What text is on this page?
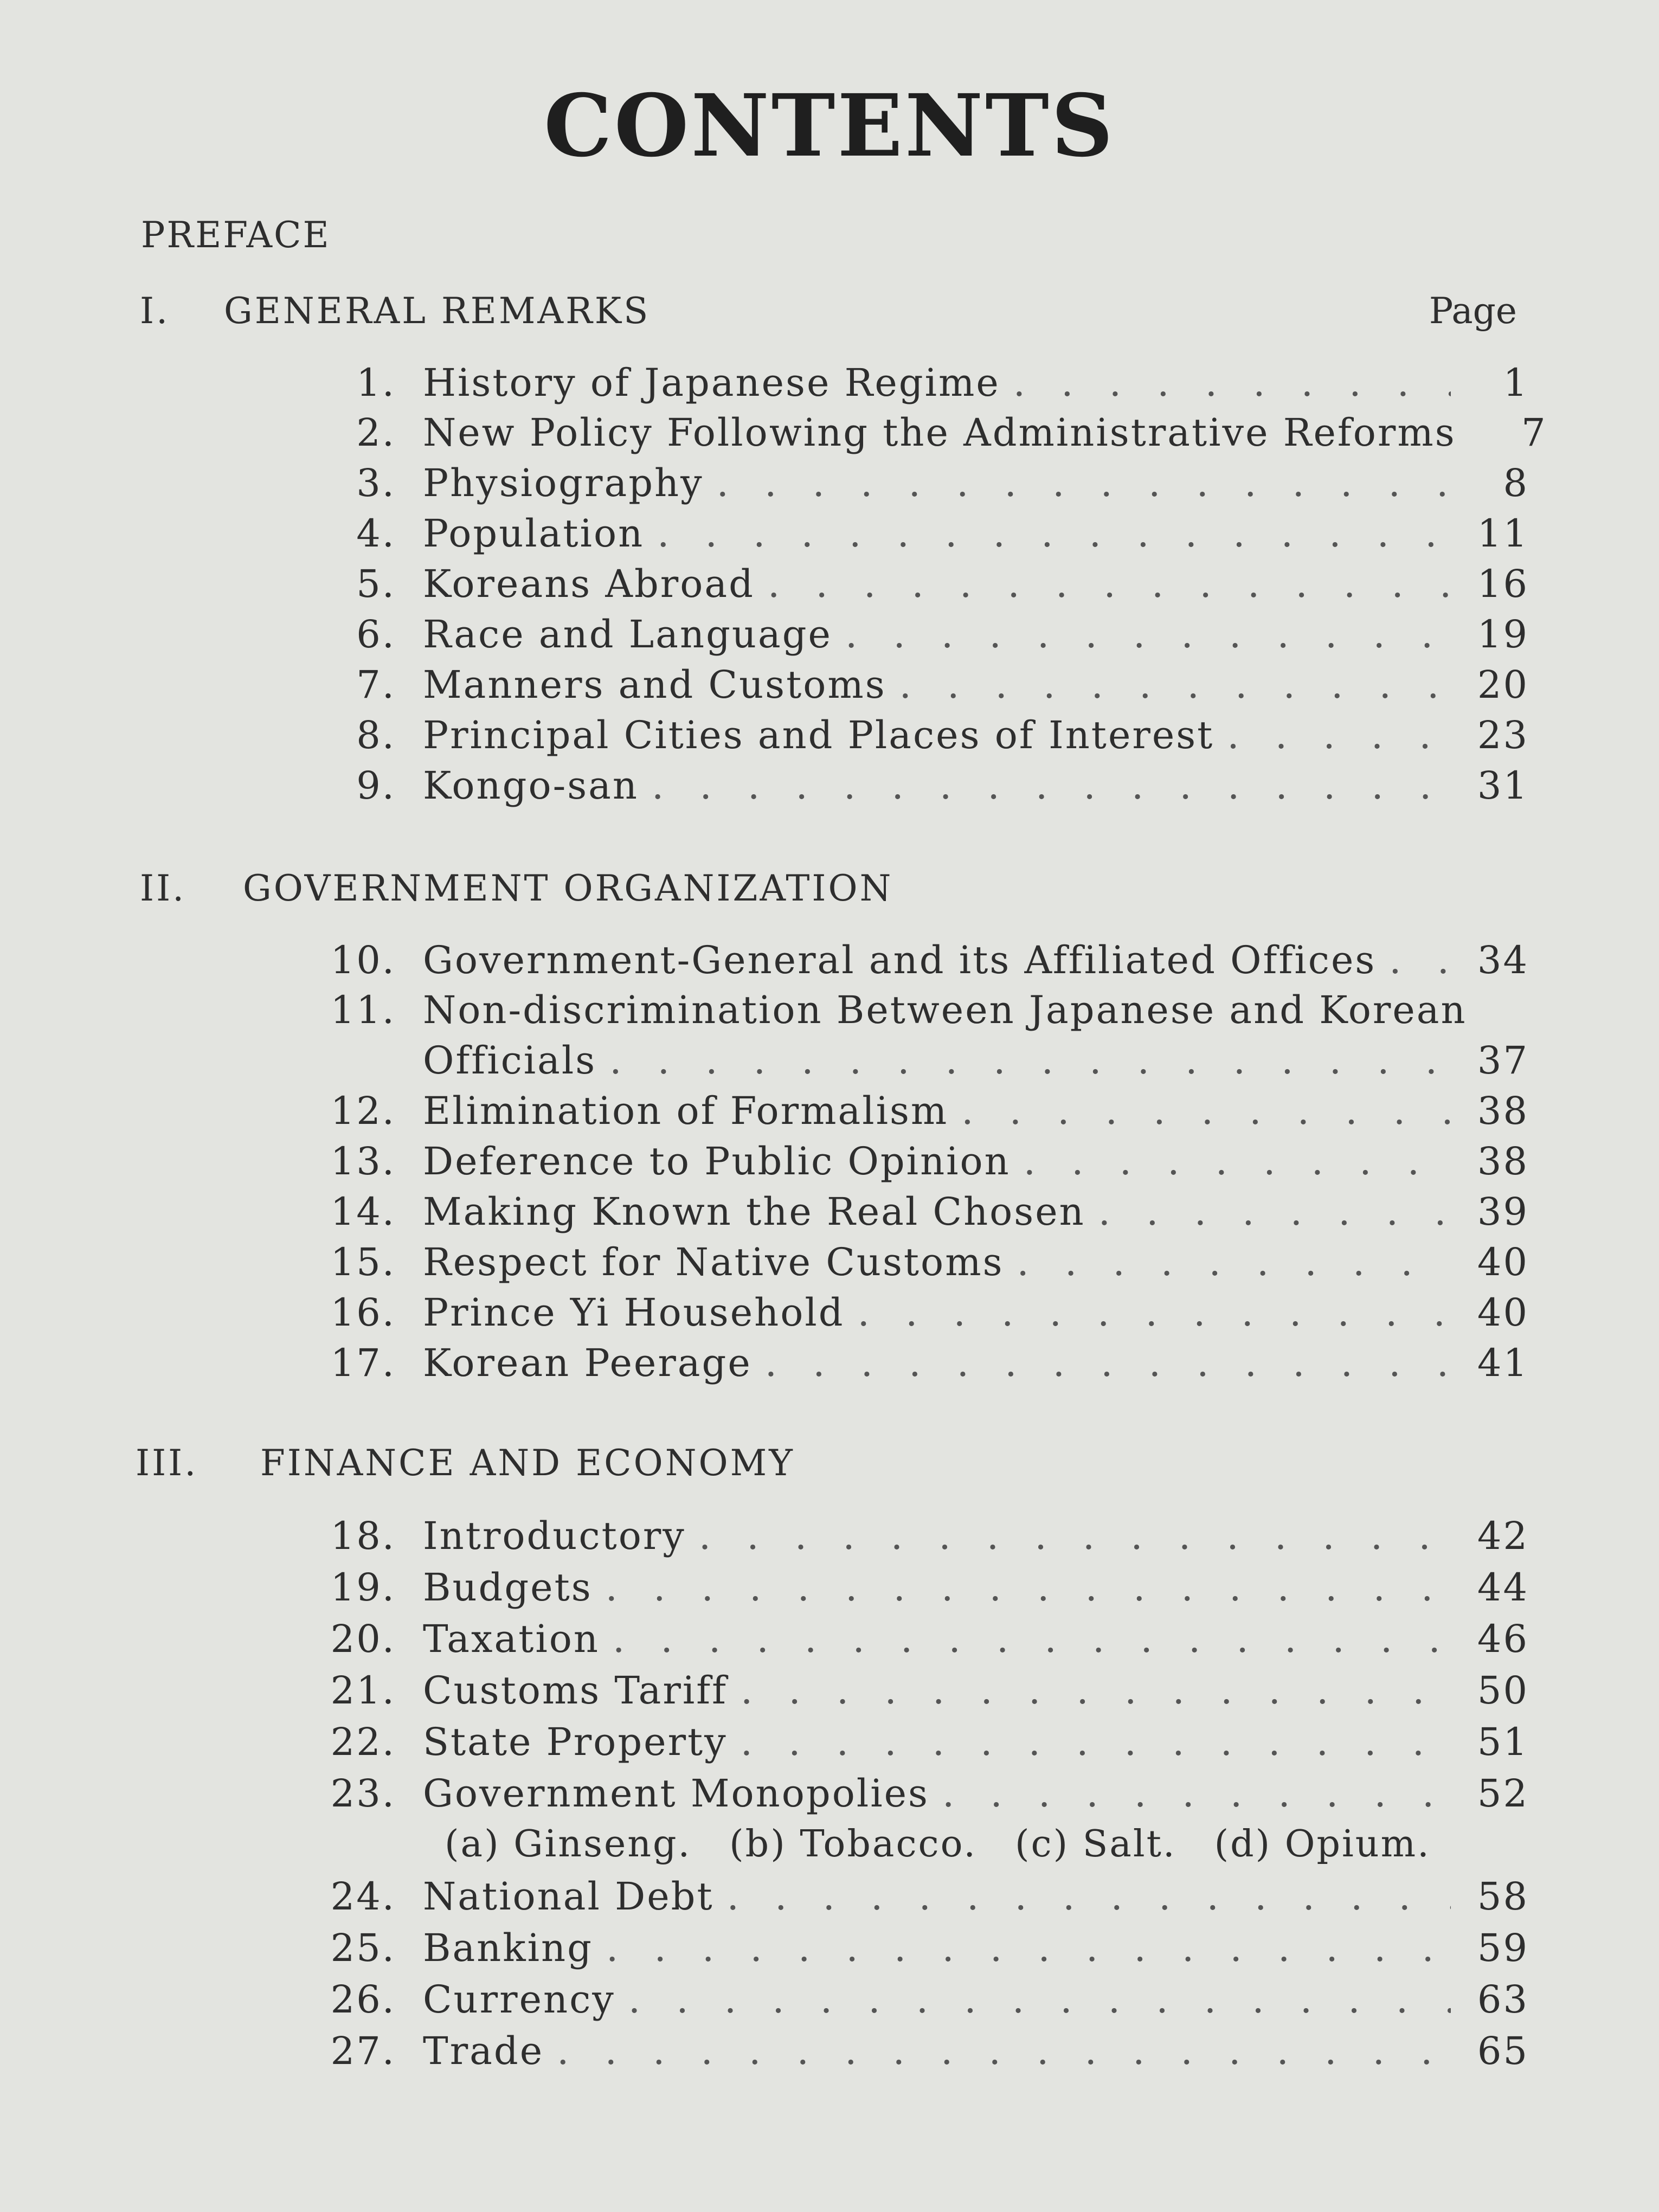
CONTENTS
PREFACE
I. GENERAL REMARKS	Page
1. History of Japanese Regime . . .	1
2. New Policy Following the Administrative Reforms	7
3. Physiography . . .	8
4. Population . . .	11
5. Koreans Abroad . . .	16
6. Race and Language . . .	19
7. Manners and Customs . . .	20
8. Principal Cities and Places of Interest . . .	23
9. Kongo-san . . .	31
II. GOVERNMENT ORGANIZATION
10. Government-General and its Affiliated Offices . . .	34
11. Non-discrimination Between Japanese and Korean
Officials . . .	37
12. Elimination of Formalism . . .	38
13. Deference to Public Opinion . . .	38
14. Making Known the Real Chosen . . .	39
15. Respect for Native Customs . . .	40
16. Prince Yi Household . . .	40
17. Korean Peerage . . .	41
III. FINANCE AND ECONOMY
18. Introductory . . .	42
19. Budgets . . .	44
20. Taxation . . .	46
21. Customs Tariff . . .	50
22. State Property . . .	51
23. Government Monopolies . . .	52
(a) Ginseng. (b) Tobacco. (c) Salt. (d) Opium.
24. National Debt . . .	58
25. Banking . . .	59
26. Currency . . .	63
27. Trade . . .	65
